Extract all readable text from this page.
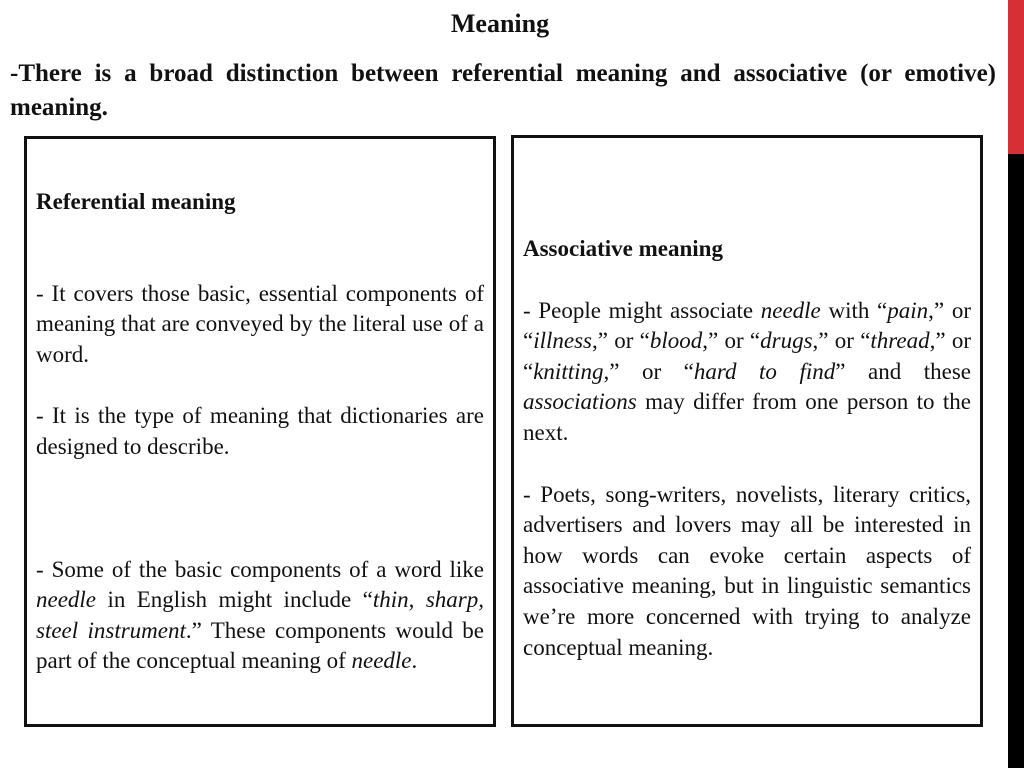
Meaning

-There is a broad distinction between referential meaning and associative (or emotive) meaning.

Referential meaning

- It covers those basic, essential components of meaning that are conveyed by the literal use of a word.

- It is the type of meaning that dictionaries are designed to describe.

- Some of the basic components of a word like needle in English might include “thin, sharp, steel instrument.” These components would be part of the conceptual meaning of needle.

Associative meaning

- People might associate needle with “pain,” or “illness,” or “blood,” or “drugs,” or “thread,” or “knitting,” or “hard to find” and these associations may differ from one person to the next.

- Poets, song-writers, novelists, literary critics, advertisers and lovers may all be interested in how words can evoke certain aspects of associative meaning, but in linguistic semantics we’re more concerned with trying to analyze conceptual meaning.
